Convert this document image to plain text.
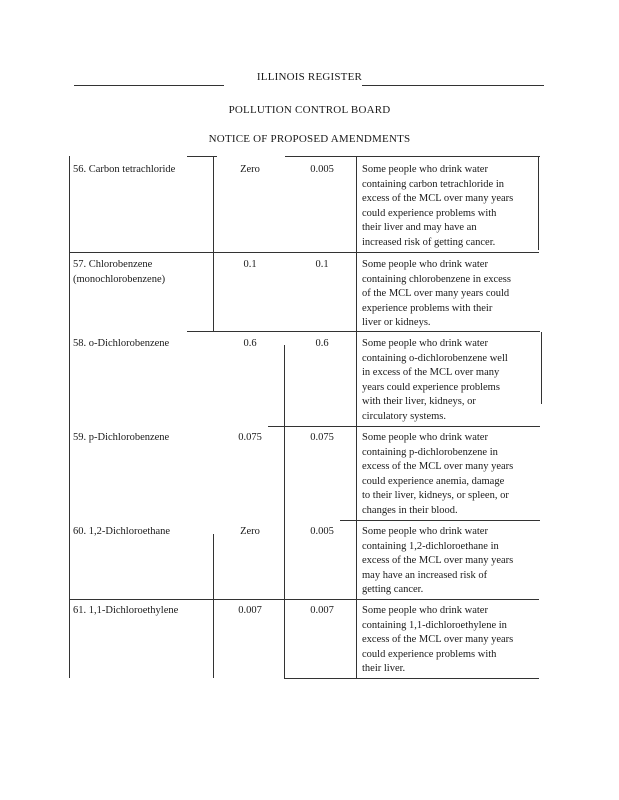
ILLINOIS REGISTER
POLLUTION CONTROL BOARD
NOTICE OF PROPOSED AMENDMENTS
56. Carbon tetrachloride	Zero	0.005	Some people who drink water
containing carbon tetrachloride in
excess of the MCL over many years
could experience problems with
their liver and may have an
increased risk of getting cancer.
57. Chlorobenzene
(monochlorobenzene)
0.1	0.1	Some people who drink water
containing chlorobenzene in excess
of the MCL over many years could
experience problems with their
liver or kidneys.
58. o-Dichlorobenzene	0.6	0.6	Some people who drink water
containing o-dichlorobenzene well
in excess of the MCL over many
years could experience problems
with their liver, kidneys, or
circulatory systems.
59. p-Dichlorobenzene	0.075	0.075	Some people who drink water
containing p-dichlorobenzene in
excess of the MCL over many years
could experience anemia, damage
to their liver, kidneys, or spleen, or
changes in their blood.
60. 1,2-Dichloroethane	Zero	0.005	Some people who drink water
containing 1,2-dichloroethane in
excess of the MCL over many years
may have an increased risk of
getting cancer.
61. 1,1-Dichloroethylene	0.007	0.007	Some people who drink water
containing 1,1-dichloroethylene in
excess of the MCL over many years
could experience problems with
their liver.
